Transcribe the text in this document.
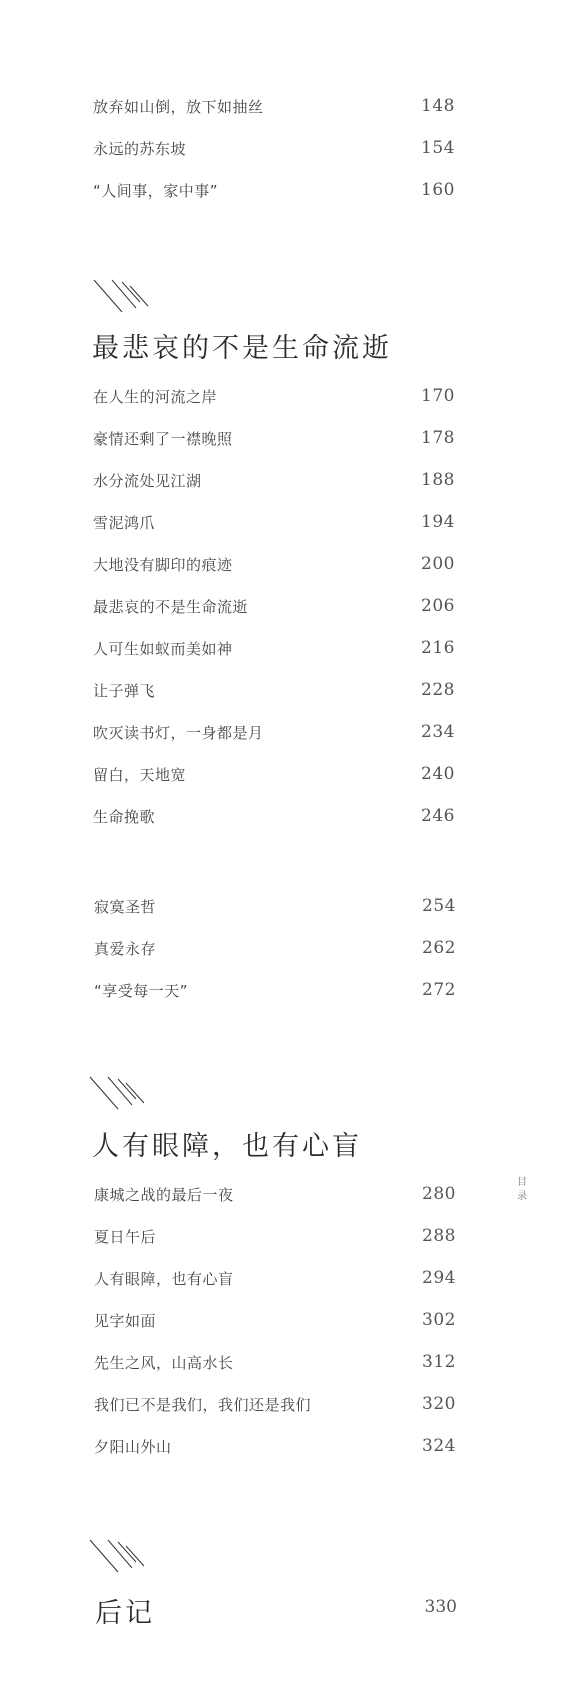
放弃如山倒，放下如抽丝	148
永远的苏东坡	154
“人间事，家中事”	160
最悲哀的不是生命流逝
在人生的河流之岸	170
豪情还剩了一襟晚照	178
水分流处见江湖	188
雪泥鸿爪	194
大地没有脚印的痕迹	200
最悲哀的不是生命流逝	206
人可生如蚁而美如神	216
让子弹飞	228
吹灭读书灯，一身都是月	234
留白，天地宽	240
生命挽歌	246
寂寞圣哲	254
真爱永存	262
“享受每一天”	272
人有眼障，也有心盲
康城之战的最后一夜	280
夏日午后	288
人有眼障，也有心盲	294
见字如面	302
先生之风，山高水长	312
我们已不是我们，我们还是我们	320
夕阳山外山	324
后记	330
目
录
